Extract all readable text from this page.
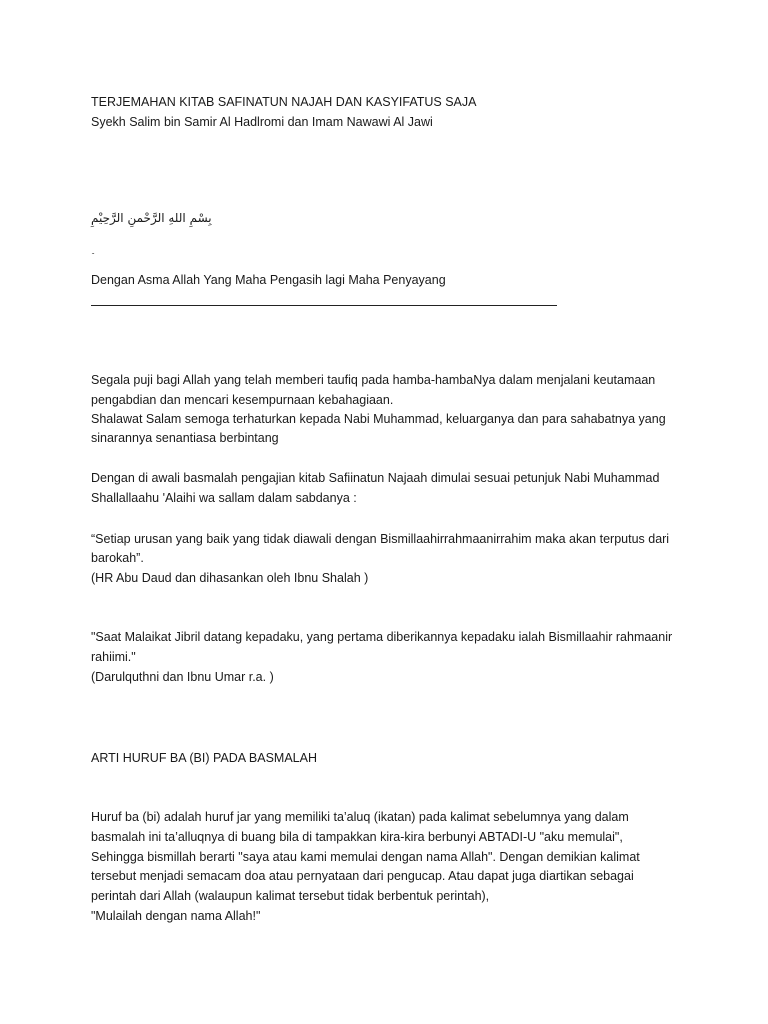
TERJEMAHAN KITAB SAFINATUN NAJAH DAN KASYIFATUS SAJA
Syekh Salim bin Samir Al Hadlromi dan Imam Nawawi Al Jawi
بِسْمِ اللهِ الرَّحْمنِ الرَّحِيْمِ
Dengan Asma Allah Yang Maha Pengasih lagi Maha Penyayang
Segala puji bagi Allah yang telah memberi taufiq pada hamba-hambaNya dalam menjalani keutamaan
pengabdian dan mencari kesempurnaan kebahagiaan.
Shalawat Salam semoga terhaturkan kepada Nabi Muhammad, keluarganya dan para sahabatnya yang
sinarannya senantiasa berbintang
Dengan di awali basmalah pengajian kitab Safiinatun Najaah dimulai sesuai petunjuk Nabi Muhammad
Shallallaahu 'Alaihi wa sallam dalam sabdanya :
“Setiap urusan yang baik yang tidak diawali dengan Bismillaahirrahmaanirrahim maka akan terputus dari
barokah”.
(HR Abu Daud dan dihasankan oleh Ibnu Shalah )
"Saat Malaikat Jibril datang kepadaku, yang pertama diberikannya kepadaku ialah Bismillaahir rahmaanir
rahiimi."
(Darulquthni dan Ibnu Umar r.a. )
ARTI HURUF BA (BI) PADA BASMALAH
Huruf ba (bi) adalah huruf jar yang memiliki ta’aluq (ikatan) pada kalimat sebelumnya yang dalam
basmalah ini ta’alluqnya di buang bila di tampakkan kira-kira berbunyi ABTADI-U "aku memulai",
Sehingga bismillah berarti "saya atau kami memulai dengan nama Allah". Dengan demikian kalimat
tersebut menjadi semacam doa atau pernyataan dari pengucap. Atau dapat juga diartikan sebagai
perintah dari Allah (walaupun kalimat tersebut tidak berbentuk perintah),
"Mulailah dengan nama Allah!"
